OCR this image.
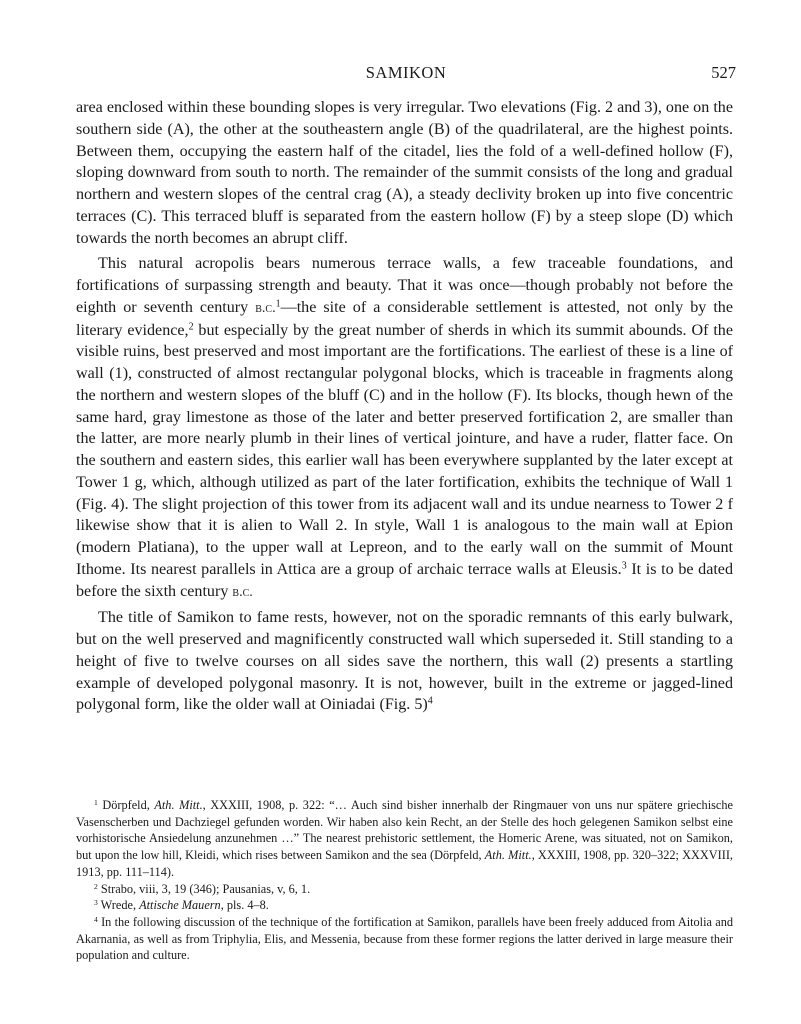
SAMIKON	527

area enclosed within these bounding slopes is very irregular. Two elevations (Fig. 2 and 3), one on the southern side (A), the other at the southeastern angle (B) of the quadrilateral, are the highest points. Between them, occupying the eastern half of the citadel, lies the fold of a well-defined hollow (F), sloping downward from south to north. The remainder of the summit consists of the long and gradual northern and western slopes of the central crag (A), a steady declivity broken up into five concentric terraces (C). This terraced bluff is separated from the eastern hollow (F) by a steep slope (D) which towards the north becomes an abrupt cliff.

This natural acropolis bears numerous terrace walls, a few traceable foundations, and fortifications of surpassing strength and beauty. That it was once—though probably not before the eighth or seventh century b.c.$^1$—the site of a considerable settlement is attested, not only by the literary evidence,$^2$ but especially by the great number of sherds in which its summit abounds. Of the visible ruins, best preserved and most important are the fortifications. The earliest of these is a line of wall (1), constructed of almost rectangular polygonal blocks, which is traceable in fragments along the northern and western slopes of the bluff (C) and in the hollow (F). Its blocks, though hewn of the same hard, gray limestone as those of the later and better preserved fortification 2, are smaller than the latter, are more nearly plumb in their lines of vertical jointure, and have a ruder, flatter face. On the southern and eastern sides, this earlier wall has been everywhere supplanted by the later except at Tower 1 g, which, although utilized as part of the later fortification, exhibits the technique of Wall 1 (Fig. 4). The slight projection of this tower from its adjacent wall and its undue nearness to Tower 2 f likewise show that it is alien to Wall 2. In style, Wall 1 is analogous to the main wall at Epion (modern Platiana), to the upper wall at Lepreon, and to the early wall on the summit of Mount Ithome. Its nearest parallels in Attica are a group of archaic terrace walls at Eleusis.$^3$ It is to be dated before the sixth century b.c.

The title of Samikon to fame rests, however, not on the sporadic remnants of this early bulwark, but on the well preserved and magnificently constructed wall which superseded it. Still standing to a height of five to twelve courses on all sides save the northern, this wall (2) presents a startling example of developed polygonal masonry. It is not, however, built in the extreme or jagged-lined polygonal form, like the older wall at Oiniadai (Fig. 5)$^4$

$^1$ Dörpfeld, Ath. Mitt., XXXIII, 1908, p. 322: “… Auch sind bisher innerhalb der Ringmauer von uns nur spätere griechische Vasenscherben und Dachziegel gefunden worden. Wir haben also kein Recht, an der Stelle des hoch gelegenen Samikon selbst eine vorhistorische Ansiedelung anzunehmen …” The nearest prehistoric settlement, the Homeric Arene, was situated, not on Samikon, but upon the low hill, Kleidi, which rises between Samikon and the sea (Dörpfeld, Ath. Mitt., XXXIII, 1908, pp. 320–322; XXXVIII, 1913, pp. 111–114).

$^2$ Strabo, viii, 3, 19 (346); Pausanias, v, 6, 1.

$^3$ Wrede, Attische Mauern, pls. 4–8.

$^4$ In the following discussion of the technique of the fortification at Samikon, parallels have been freely adduced from Aitolia and Akarnania, as well as from Triphylia, Elis, and Messenia, because from these former regions the latter derived in large measure their population and culture.
